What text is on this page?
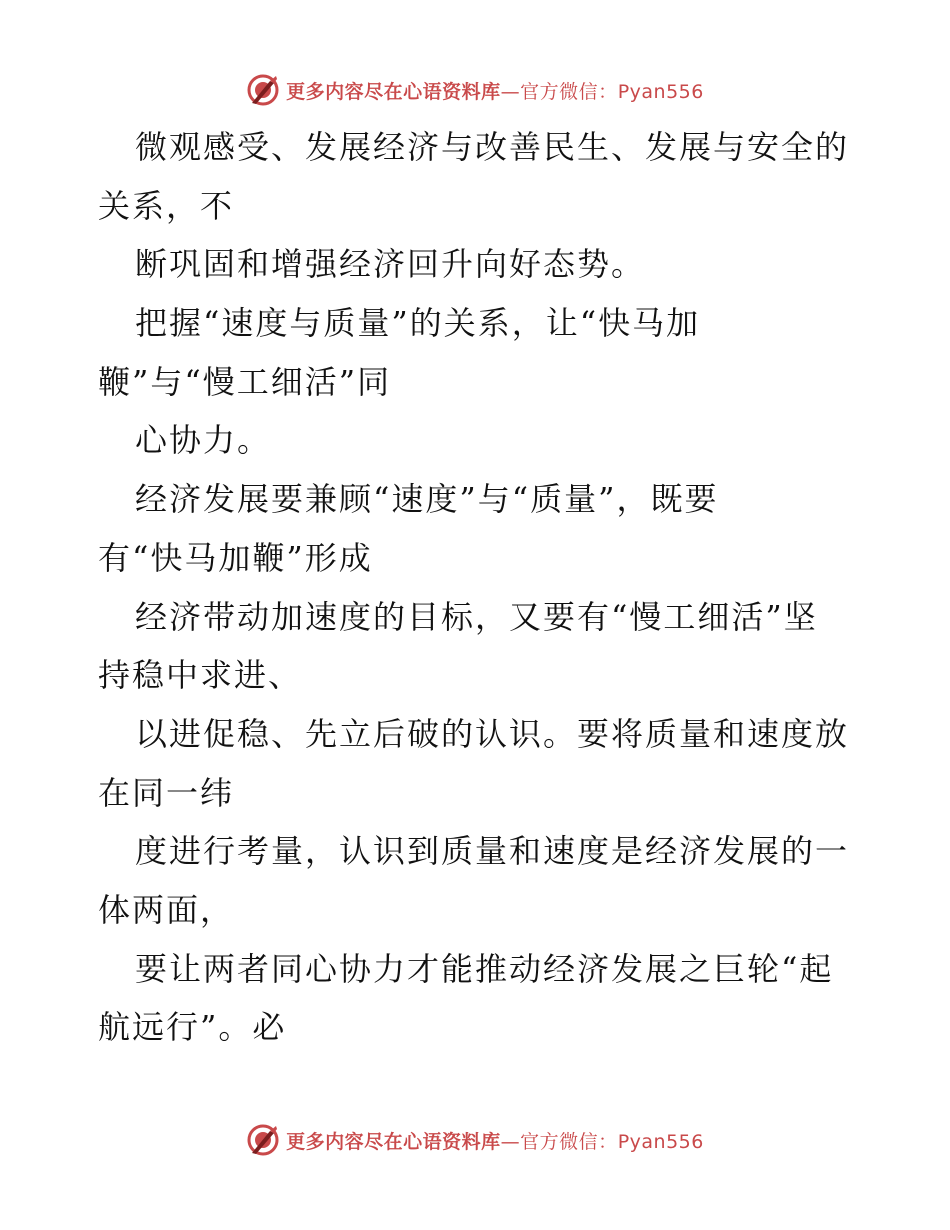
更多内容尽在心语资料库—官方微信：Pyan556
微观感受、发展经济与改善民生、发展与安全的
关系，不
断巩固和增强经济回升向好态势。
把握“速度与质量”的关系，让“快马加
鞭”与“慢工细活”同
心协力。
经济发展要兼顾“速度”与“质量”，既要
有“快马加鞭”形成
经济带动加速度的目标，又要有“慢工细活”坚
持稳中求进、
以进促稳、先立后破的认识。要将质量和速度放
在同一纬
度进行考量，认识到质量和速度是经济发展的一
体两面，
要让两者同心协力才能推动经济发展之巨轮“起
航远行”。必
更多内容尽在心语资料库—官方微信：Pyan556
